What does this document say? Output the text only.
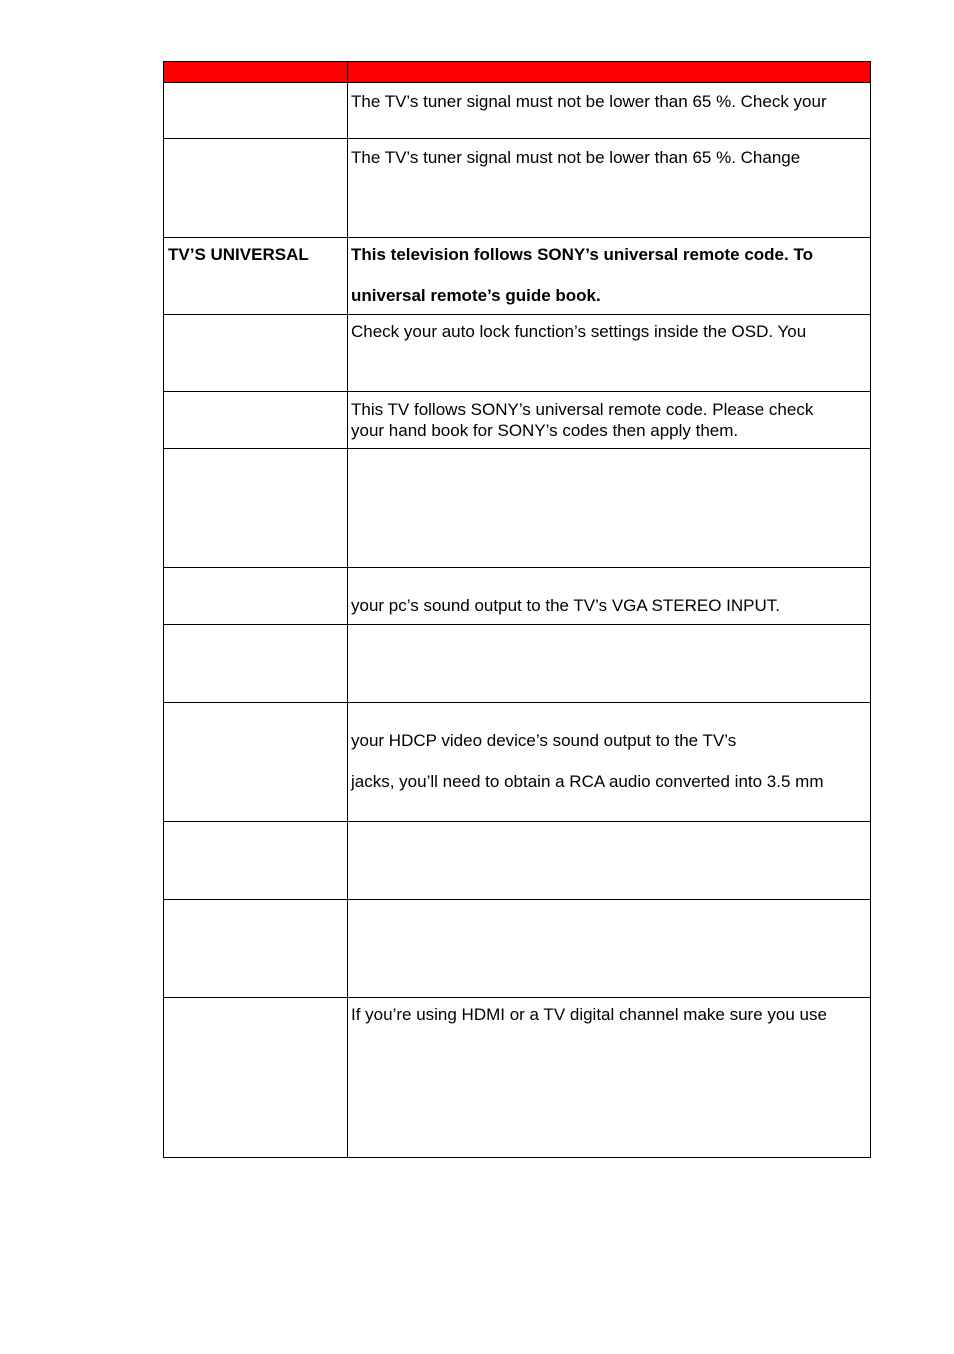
	The TV’s tuner signal must not be lower than 65 %. Check your

	The TV’s tuner signal must not be lower than 65 %. Change

TV’S UNIVERSAL	This television follows SONY’s universal remote code. To
universal remote’s guide book.

	Check your auto lock function’s settings inside the OSD. You

	This TV follows SONY’s universal remote code. Please check
your hand book for SONY’s codes then apply them.

	your pc’s sound output to the TV’s VGA STEREO INPUT.

	your HDCP video device’s sound output to the TV’s
jacks, you’ll need to obtain a RCA audio converted into 3.5 mm

	If you’re using HDMI or a TV digital channel make sure you use
